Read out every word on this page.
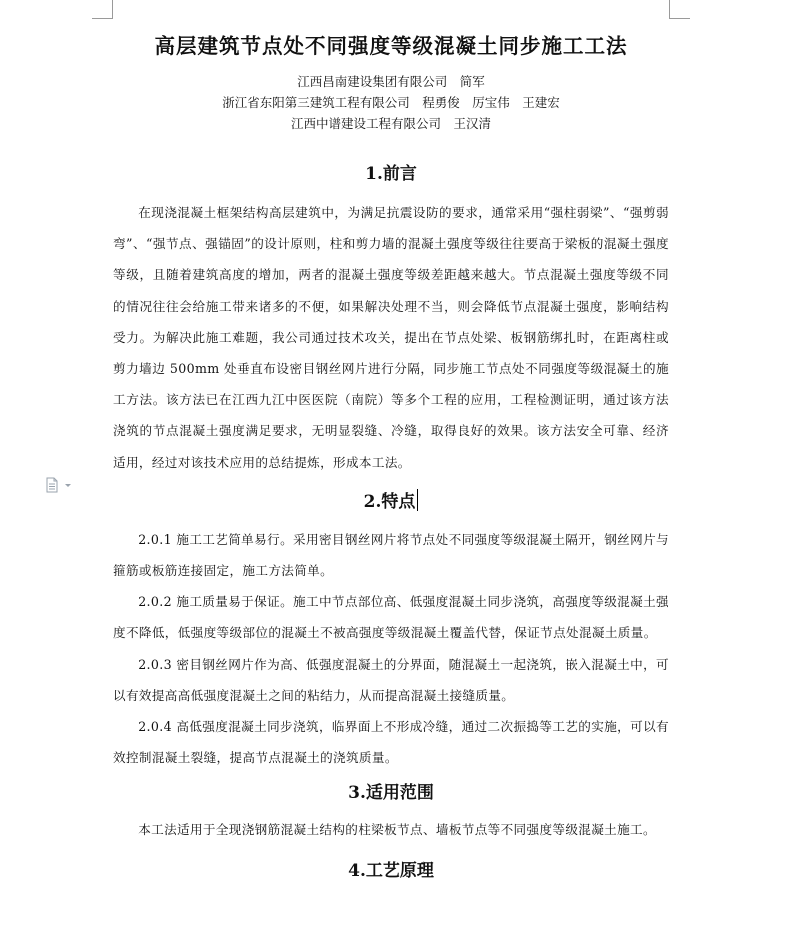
高层建筑节点处不同强度等级混凝土同步施工工法
江西昌南建设集团有限公司　简军
浙江省东阳第三建筑工程有限公司　程勇俊　厉宝伟　王建宏
江西中谱建设工程有限公司　王汉清
1.前言

在现浇混凝土框架结构高层建筑中，为满足抗震设防的要求，通常采用“强柱弱梁”、“强剪弱弯”、“强节点、强锚固”的设计原则，柱和剪力墙的混凝土强度等级往往要高于梁板的混凝土强度等级，且随着建筑高度的增加，两者的混凝土强度等级差距越来越大。节点混凝土强度等级不同的情况往往会给施工带来诸多的不便，如果解决处理不当，则会降低节点混凝土强度，影响结构受力。为解决此施工难题，我公司通过技术攻关，提出在节点处梁、板钢筋绑扎时，在距离柱或剪力墙边 500mm 处垂直布设密目钢丝网片进行分隔，同步施工节点处不同强度等级混凝土的施工方法。该方法已在江西九江中医医院（南院）等多个工程的应用，工程检测证明，通过该方法浇筑的节点混凝土强度满足要求，无明显裂缝、冷缝，取得良好的效果。该方法安全可靠、经济适用，经过对该技术应用的总结提炼，形成本工法。

2.特点

2.0.1 施工工艺简单易行。采用密目钢丝网片将节点处不同强度等级混凝土隔开，钢丝网片与箍筋或板筋连接固定，施工方法简单。

2.0.2 施工质量易于保证。施工中节点部位高、低强度混凝土同步浇筑，高强度等级混凝土强度不降低，低强度等级部位的混凝土不被高强度等级混凝土覆盖代替，保证节点处混凝土质量。

2.0.3 密目钢丝网片作为高、低强度混凝土的分界面，随混凝土一起浇筑，嵌入混凝土中，可以有效提高高低强度混凝土之间的粘结力，从而提高混凝土接缝质量。

2.0.4 高低强度混凝土同步浇筑，临界面上不形成冷缝，通过二次振捣等工艺的实施，可以有效控制混凝土裂缝，提高节点混凝土的浇筑质量。

3.适用范围

本工法适用于全现浇钢筋混凝土结构的柱梁板节点、墙板节点等不同强度等级混凝土施工。

4.工艺原理
